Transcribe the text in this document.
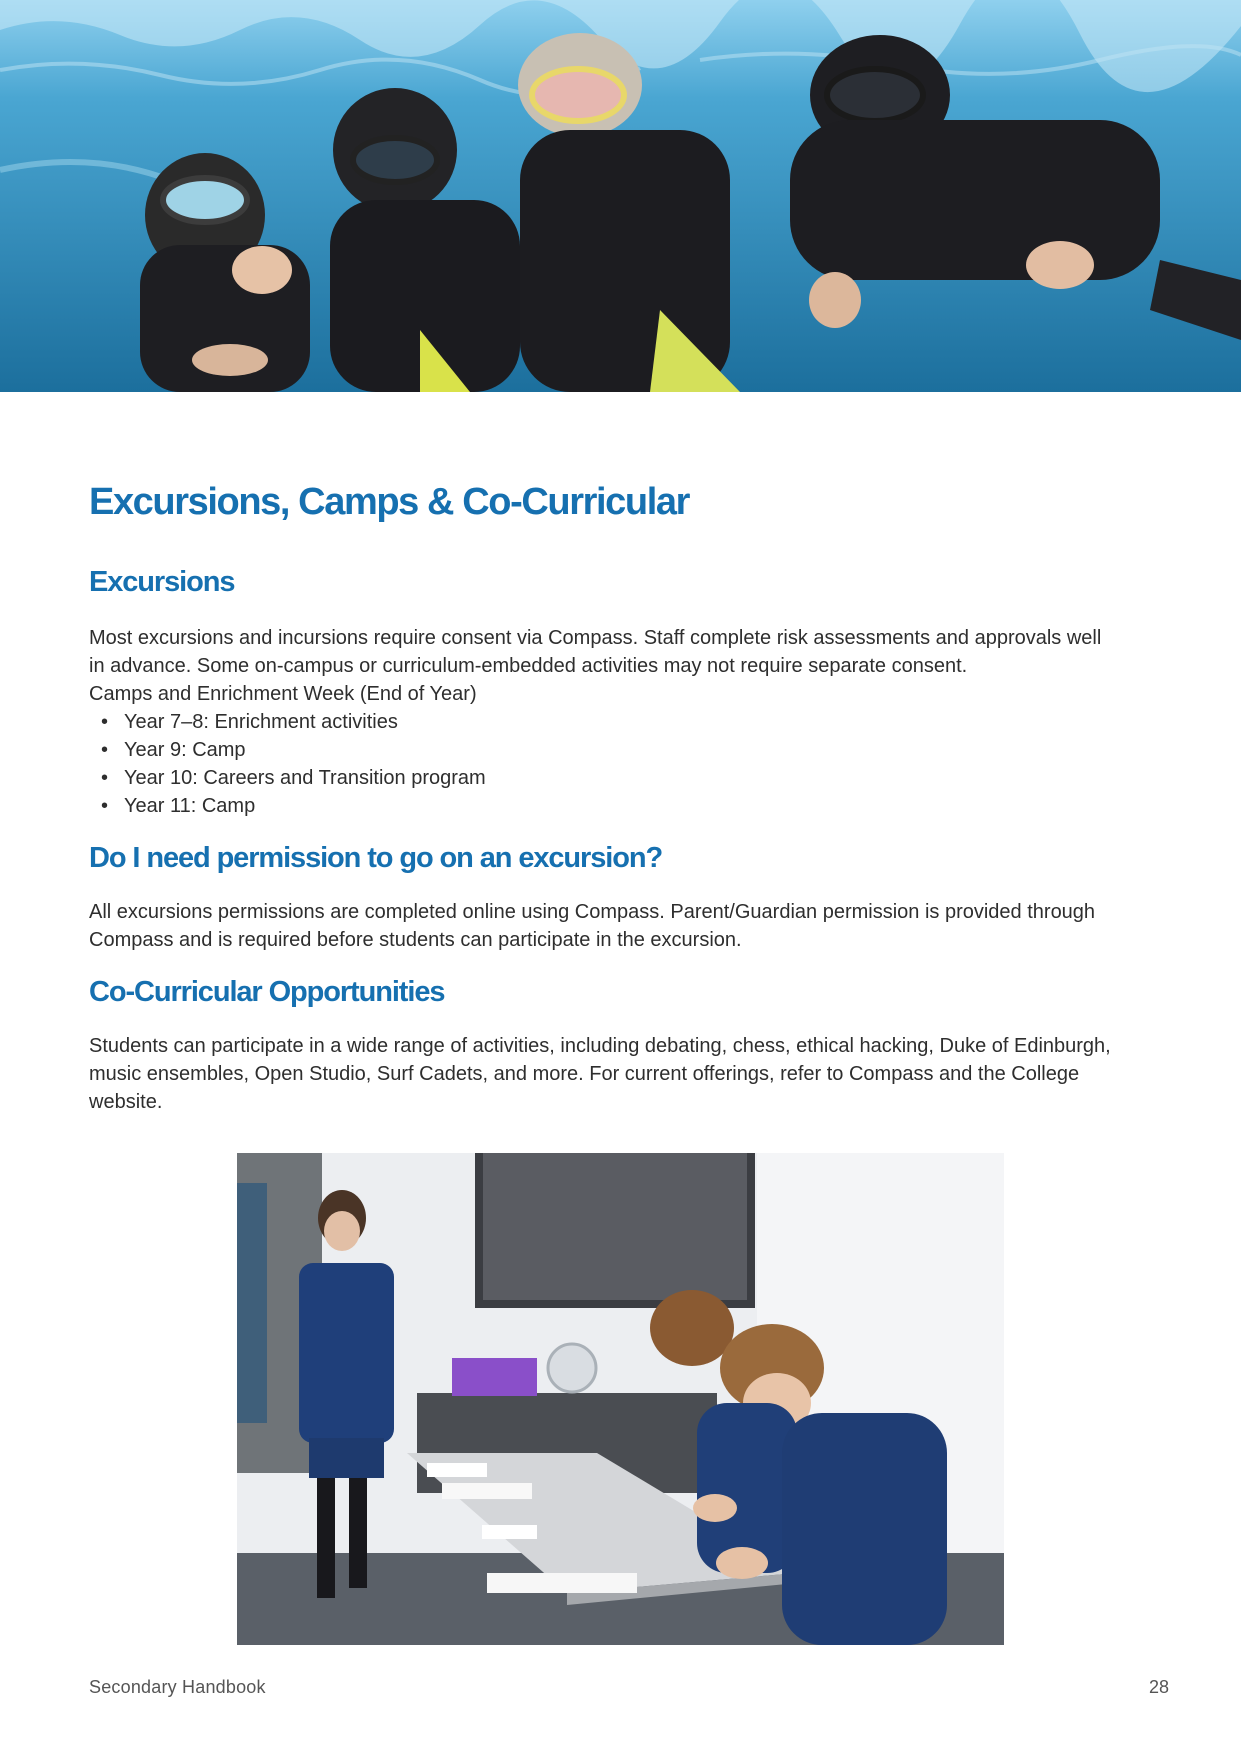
Excursions, Camps & Co-Curricular
Excursions

Most excursions and incursions require consent via Compass. Staff complete risk assessments and approvals well
in advance. Some on-campus or curriculum-embedded activities may not require separate consent.

Camps and Enrichment Week (End of Year)

• Year 7–8: Enrichment activities
• Year 9: Camp
• Year 10: Careers and Transition program
• Year 11: Camp
Do I need permission to go on an excursion?

All excursions permissions are completed online using Compass. Parent/Guardian permission is provided through
Compass and is required before students can participate in the excursion.

Co-Curricular Opportunities

Students can participate in a wide range of activities, including debating, chess, ethical hacking, Duke of Edinburgh,
music ensembles, Open Studio, Surf Cadets, and more. For current offerings, refer to Compass and the College
website.

Secondary Handbook	28
